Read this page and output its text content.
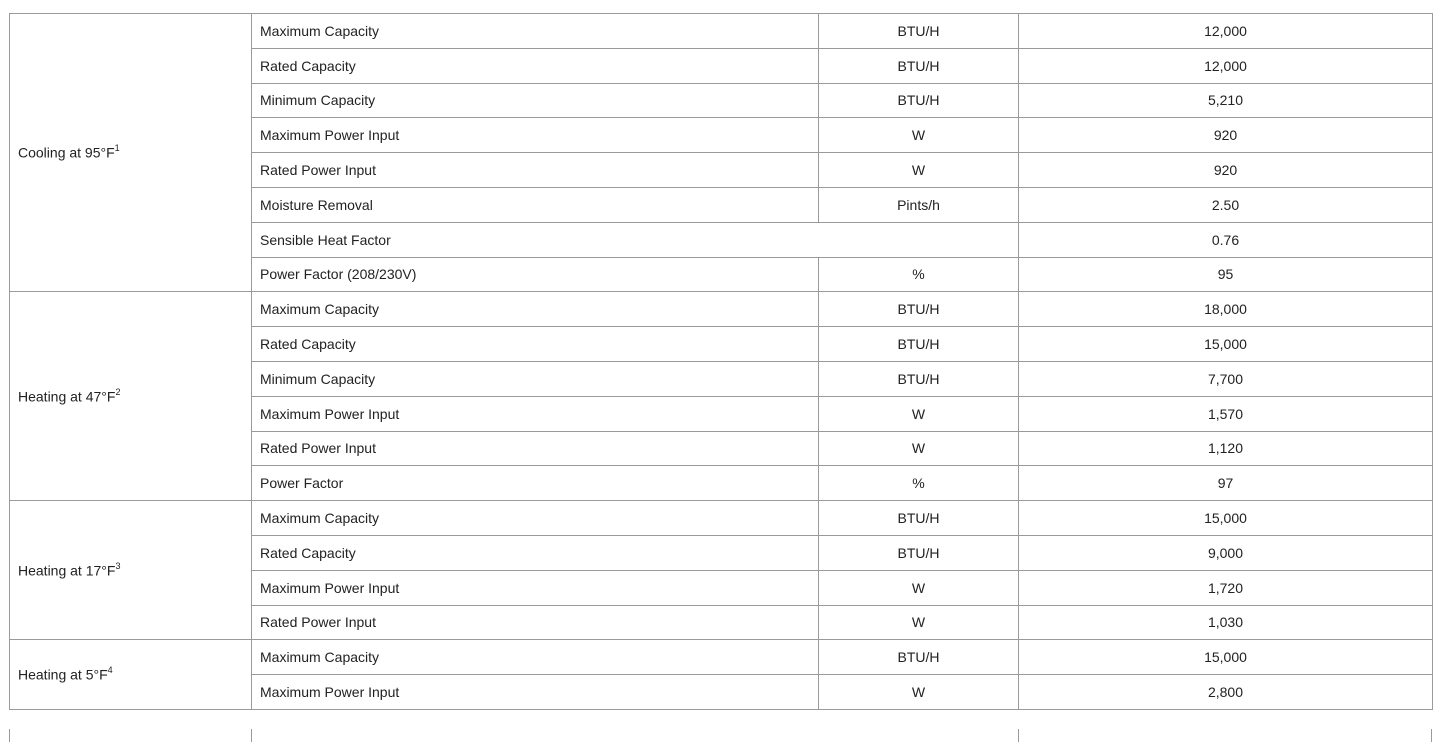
Cooling at $95^\circ F^1$	Maximum Capacity	BTU/H	12,000
	Rated Capacity	BTU/H	12,000
	Minimum Capacity	BTU/H	5,210
	Maximum Power Input	W	920
	Rated Power Input	W	920
	Moisture Removal	Pints/h	2.50
	Sensible Heat Factor		0.76
	Power Factor (208/230V)	%	95
Heating at $47^\circ F^2$	Maximum Capacity	BTU/H	18,000
	Rated Capacity	BTU/H	15,000
	Minimum Capacity	BTU/H	7,700
	Maximum Power Input	W	1,570
	Rated Power Input	W	1,120
	Power Factor	%	97
Heating at $17^\circ F^3$	Maximum Capacity	BTU/H	15,000
	Rated Capacity	BTU/H	9,000
	Maximum Power Input	W	1,720
	Rated Power Input	W	1,030
Heating at $5^\circ F^4$	Maximum Capacity	BTU/H	15,000
	Maximum Power Input	W	2,800
